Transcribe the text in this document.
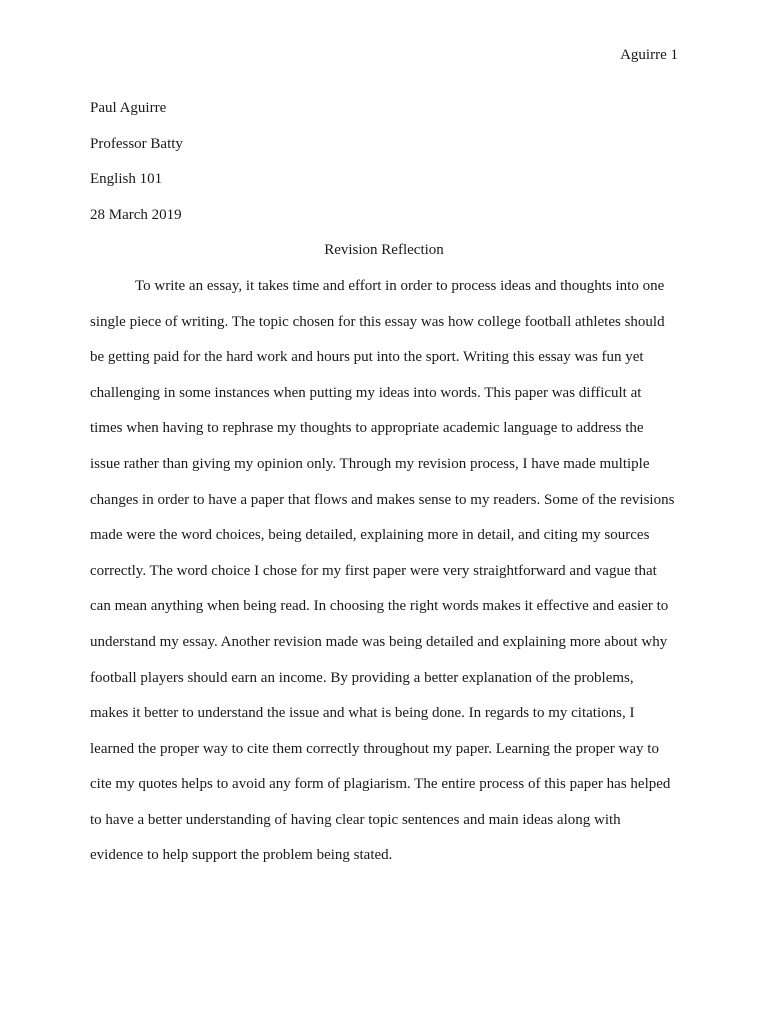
Aguirre 1
Paul Aguirre
Professor Batty
English 101
28 March 2019
Revision Reflection
To write an essay, it takes time and effort in order to process ideas and thoughts into one
single piece of writing. The topic chosen for this essay was how college football athletes should
be getting paid for the hard work and hours put into the sport. Writing this essay was fun yet
challenging in some instances when putting my ideas into words. This paper was difficult at
times when having to rephrase my thoughts to appropriate academic language to address the
issue rather than giving my opinion only. Through my revision process, I have made multiple
changes in order to have a paper that flows and makes sense to my readers. Some of the revisions
made were the word choices, being detailed, explaining more in detail, and citing my sources
correctly. The word choice I chose for my first paper were very straightforward and vague that
can mean anything when being read. In choosing the right words makes it effective and easier to
understand my essay. Another revision made was being detailed and explaining more about why
football players should earn an income. By providing a better explanation of the problems,
makes it better to understand the issue and what is being done. In regards to my citations, I
learned the proper way to cite them correctly throughout my paper. Learning the proper way to
cite my quotes helps to avoid any form of plagiarism. The entire process of this paper has helped
to have a better understanding of having clear topic sentences and main ideas along with
evidence to help support the problem being stated.
